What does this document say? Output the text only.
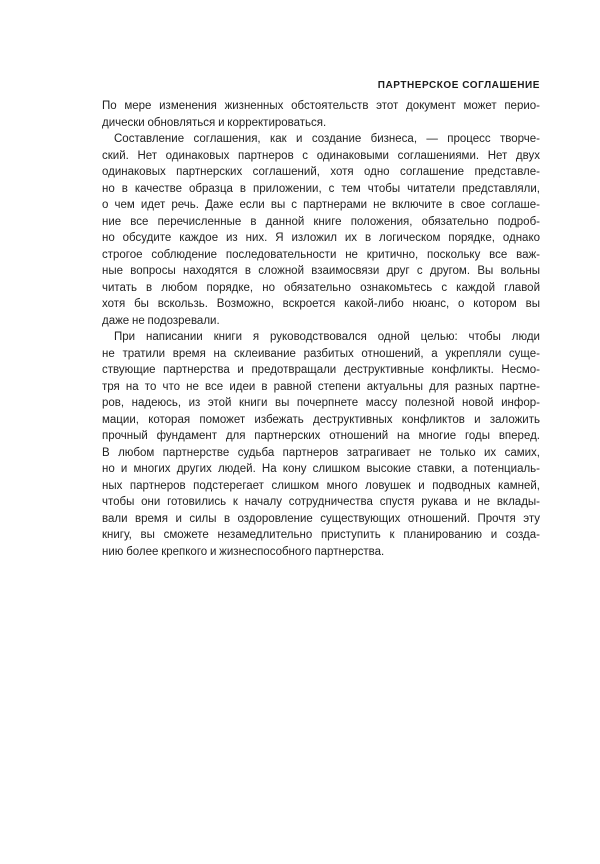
ПАРТНЕРСКОЕ СОГЛАШЕНИЕ
По мере изменения жизненных обстоятельств этот документ может перио-
дически обновляться и корректироваться.
Составление соглашения, как и создание бизнеса, — процесс творче-
ский. Нет одинаковых партнеров с одинаковыми соглашениями. Нет двух
одинаковых партнерских соглашений, хотя одно соглашение представле-
но в качестве образца в приложении, с тем чтобы читатели представляли,
о чем идет речь. Даже если вы с партнерами не включите в свое соглаше-
ние все перечисленные в данной книге положения, обязательно подроб-
но обсудите каждое из них. Я изложил их в логическом порядке, однако
строгое соблюдение последовательности не критично, поскольку все важ-
ные вопросы находятся в сложной взаимосвязи друг с другом. Вы вольны
читать в любом порядке, но обязательно ознакомьтесь с каждой главой
хотя бы вскользь. Возможно, вскроется какой-либо нюанс, о котором вы
даже не подозревали.
При написании книги я руководствовался одной целью: чтобы люди
не тратили время на склеивание разбитых отношений, а укрепляли суще-
ствующие партнерства и предотвращали деструктивные конфликты. Несмо-
тря на то что не все идеи в равной степени актуальны для разных партне-
ров, надеюсь, из этой книги вы почерпнете массу полезной новой инфор-
мации, которая поможет избежать деструктивных конфликтов и заложить
прочный фундамент для партнерских отношений на многие годы вперед.
В любом партнерстве судьба партнеров затрагивает не только их самих,
но и многих других людей. На кону слишком высокие ставки, а потенциаль-
ных партнеров подстерегает слишком много ловушек и подводных камней,
чтобы они готовились к началу сотрудничества спустя рукава и не вклады-
вали время и силы в оздоровление существующих отношений. Прочтя эту
книгу, вы сможете незамедлительно приступить к планированию и созда-
нию более крепкого и жизнеспособного партнерства.
